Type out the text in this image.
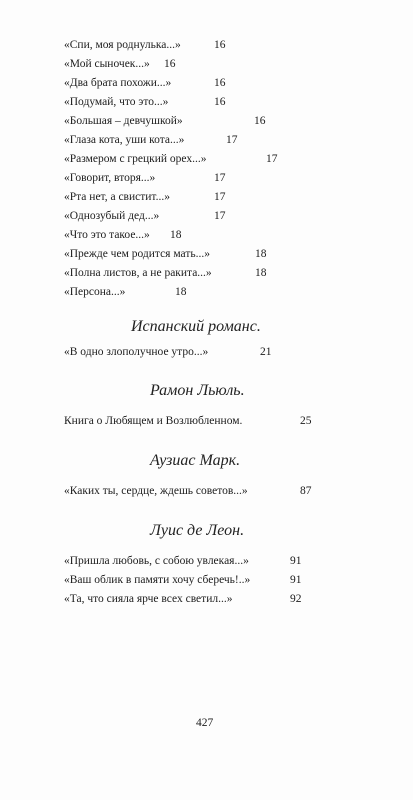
«Спи, моя роднулька...»	16
«Мой сыночек...» 16
«Два брата похожи...»	16
«Подумай, что это...»	16
«Большая – девчушкой»	16
«Глаза кота, уши кота...»	17
«Размером с грецкий орех...»	17
«Говорит, вторя...»	17
«Рта нет, а свистит...»	17
«Однозубый дед...»	17
«Что это такое...» 18
«Прежде чем родится мать...»	18
«Полна листов, а не ракита...»	18
«Персона...»	18
Испанский романс.
«В одно злополучное утро...»	21
Рамон Льюль.
Книга о Любящем и Возлюбленном.	25
Аузиас Марк.
«Каких ты, сердце, ждешь советов...»	87
Луис де Леон.
«Пришла любовь, с собою увлекая...»	91
«Ваш облик в памяти хочу сберечь!..»	91
«Та, что сияла ярче всех светил...»	92
427
